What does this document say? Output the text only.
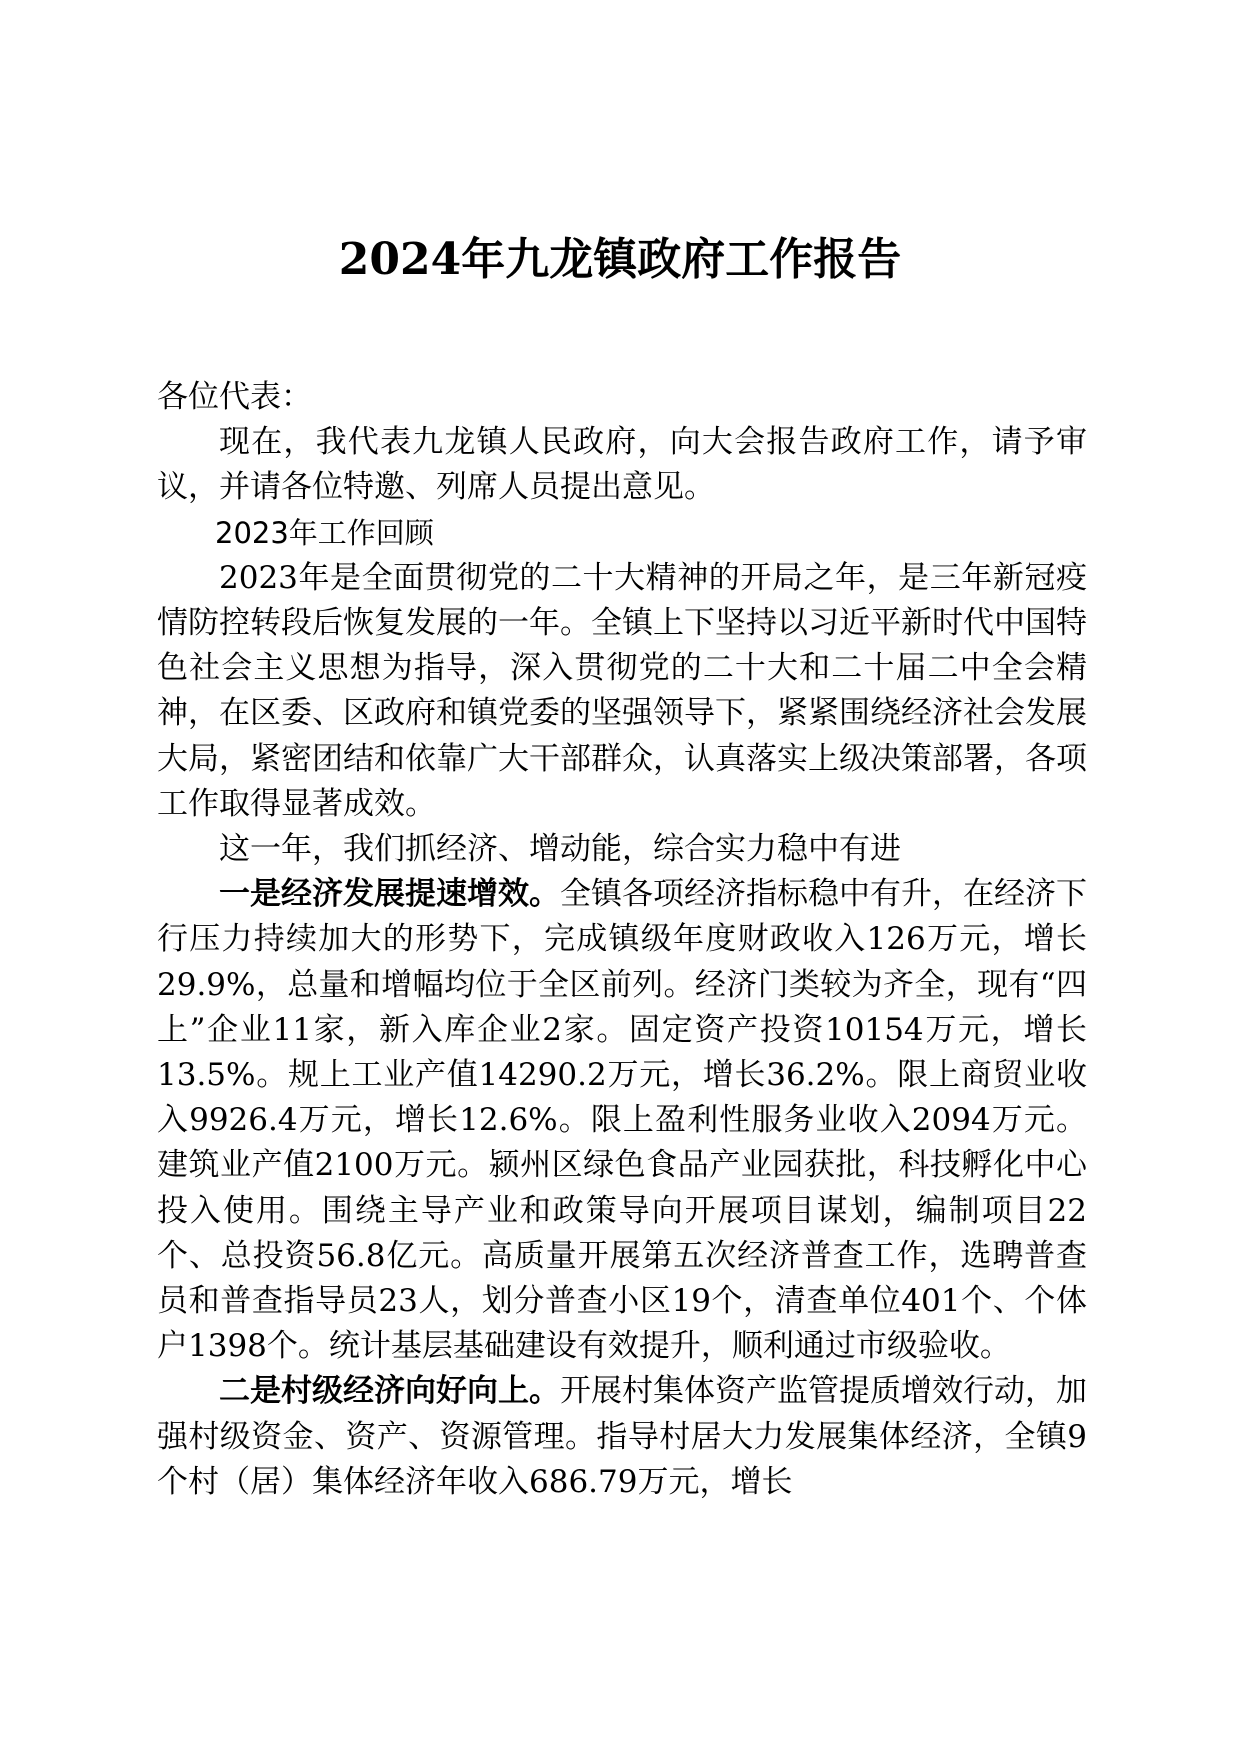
2024年九龙镇政府工作报告

各位代表：

现在，我代表九龙镇人民政府，向大会报告政府工作，请予审议，并请各位特邀、列席人员提出意见。

2023年工作回顾

2023年是全面贯彻党的二十大精神的开局之年，是三年新冠疫情防控转段后恢复发展的一年。全镇上下坚持以习近平新时代中国特色社会主义思想为指导，深入贯彻党的二十大和二十届二中全会精神，在区委、区政府和镇党委的坚强领导下，紧紧围绕经济社会发展大局，紧密团结和依靠广大干部群众，认真落实上级决策部署，各项工作取得显著成效。

这一年，我们抓经济、增动能，综合实力稳中有进

一是经济发展提速增效。全镇各项经济指标稳中有升，在经济下行压力持续加大的形势下，完成镇级年度财政收入126万元，增长29.9%，总量和增幅均位于全区前列。经济门类较为齐全，现有“四上”企业11家，新入库企业2家。固定资产投资10154万元，增长13.5%。规上工业产值14290.2万元，增长36.2%。限上商贸业收入9926.4万元，增长12.6%。限上盈利性服务业收入2094万元。建筑业产值2100万元。颍州区绿色食品产业园获批，科技孵化中心投入使用。围绕主导产业和政策导向开展项目谋划，编制项目22个、总投资56.8亿元。高质量开展第五次经济普查工作，选聘普查员和普查指导员23人，划分普查小区19个，清查单位401个、个体户1398个。统计基层基础建设有效提升，顺利通过市级验收。

二是村级经济向好向上。开展村集体资产监管提质增效行动，加强村级资金、资产、资源管理。指导村居大力发展集体经济，全镇9个村（居）集体经济年收入686.79万元，增长
